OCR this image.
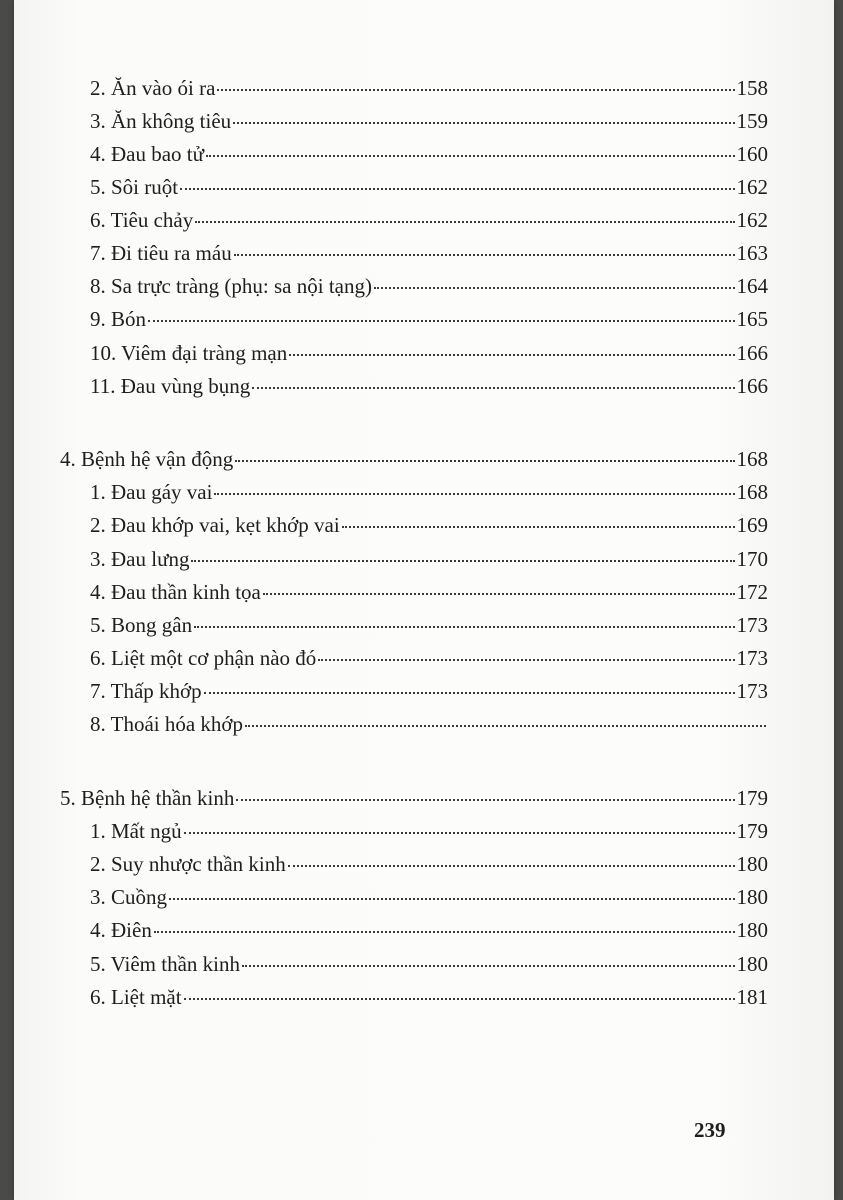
2. Ăn vào ói ra	158
3. Ăn không tiêu	159
4. Đau bao tử	160
5. Sôi ruột	162
6. Tiêu chảy	162
7. Đi tiêu ra máu	163
8. Sa trực tràng (phụ: sa nội tạng)	164
9. Bón	165
10. Viêm đại tràng mạn	166
11. Đau vùng bụng	166
4. Bệnh hệ vận động	168
1. Đau gáy vai	168
2. Đau khớp vai, kẹt khớp vai	169
3. Đau lưng	170
4. Đau thần kinh tọa	172
5. Bong gân	173
6. Liệt một cơ phận nào đó	173
7. Thấp khớp	173
8. Thoái hóa khớp
5. Bệnh hệ thần kinh	179
1. Mất ngủ	179
2. Suy nhược thần kinh	180
3. Cuồng	180
4. Điên	180
5. Viêm thần kinh	180
6. Liệt mặt	181
239
